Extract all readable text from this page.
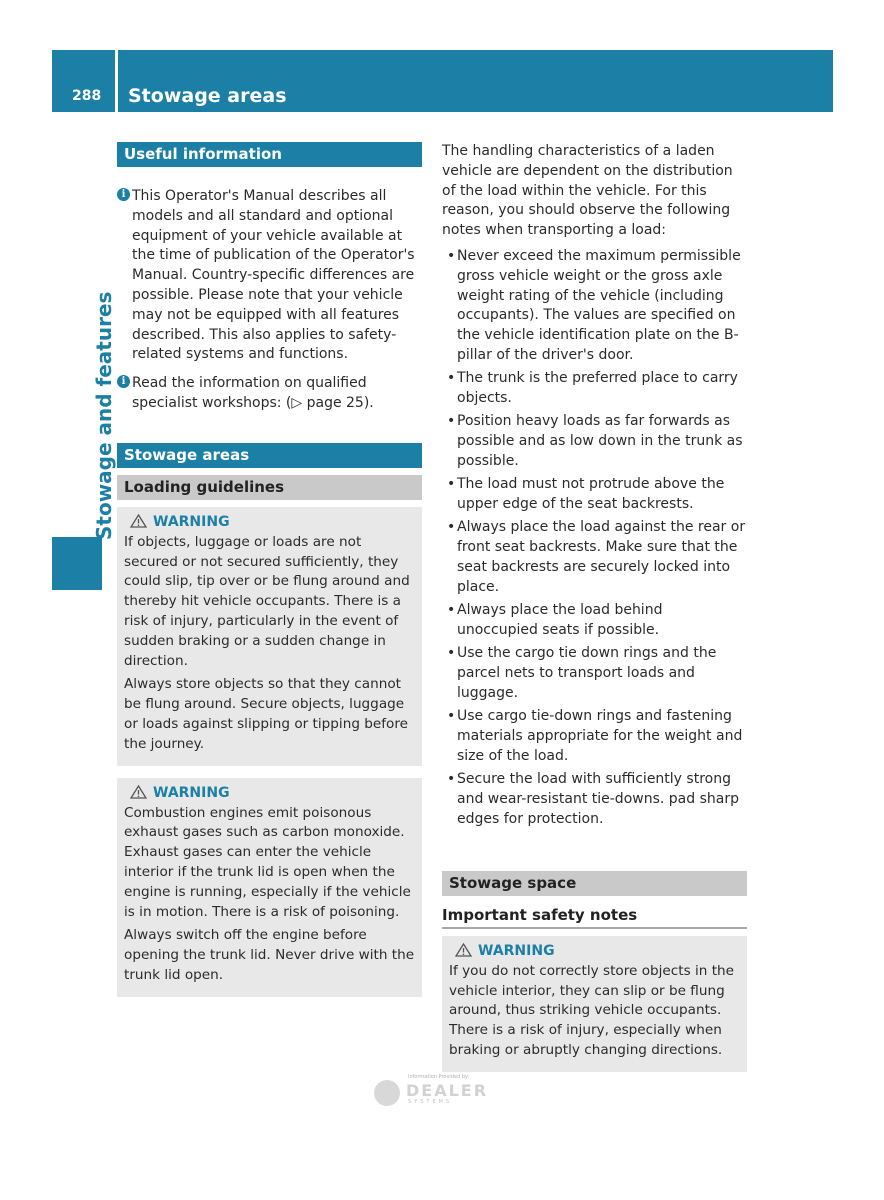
288 Stowage areas
Stowage and features
Useful information
i This Operator's Manual describes all models and all standard and optional equipment of your vehicle available at the time of publication of the Operator's Manual. Country-specific differences are possible. Please note that your vehicle may not be equipped with all features described. This also applies to safety-related systems and functions.
i Read the information on qualified specialist workshops: (▷ page 25).
Stowage areas
Loading guidelines
WARNING

If objects, luggage or loads are not secured or not secured sufficiently, they could slip, tip over or be flung around and thereby hit vehicle occupants. There is a risk of injury, particularly in the event of sudden braking or a sudden change in direction.

Always store objects so that they cannot be flung around. Secure objects, luggage or loads against slipping or tipping before the journey.

WARNING

Combustion engines emit poisonous exhaust gases such as carbon monoxide. Exhaust gases can enter the vehicle interior if the trunk lid is open when the engine is running, especially if the vehicle is in motion. There is a risk of poisoning.

Always switch off the engine before opening the trunk lid. Never drive with the trunk lid open.

The handling characteristics of a laden vehicle are dependent on the distribution of the load within the vehicle. For this reason, you should observe the following notes when transporting a load:

• Never exceed the maximum permissible gross vehicle weight or the gross axle weight rating of the vehicle (including occupants). The values are specified on the vehicle identification plate on the B-pillar of the driver's door.
• The trunk is the preferred place to carry objects.
• Position heavy loads as far forwards as possible and as low down in the trunk as possible.
• The load must not protrude above the upper edge of the seat backrests.
• Always place the load against the rear or front seat backrests. Make sure that the seat backrests are securely locked into place.
• Always place the load behind unoccupied seats if possible.
• Use the cargo tie down rings and the parcel nets to transport loads and luggage.
• Use cargo tie-down rings and fastening materials appropriate for the weight and size of the load.
• Secure the load with sufficiently strong and wear-resistant tie-downs. pad sharp edges for protection.
Stowage space
Important safety notes
WARNING

If you do not correctly store objects in the vehicle interior, they can slip or be flung around, thus striking vehicle occupants. There is a risk of injury, especially when braking or abruptly changing directions.

Information Provided by:
DEALER
SYSTEMS
